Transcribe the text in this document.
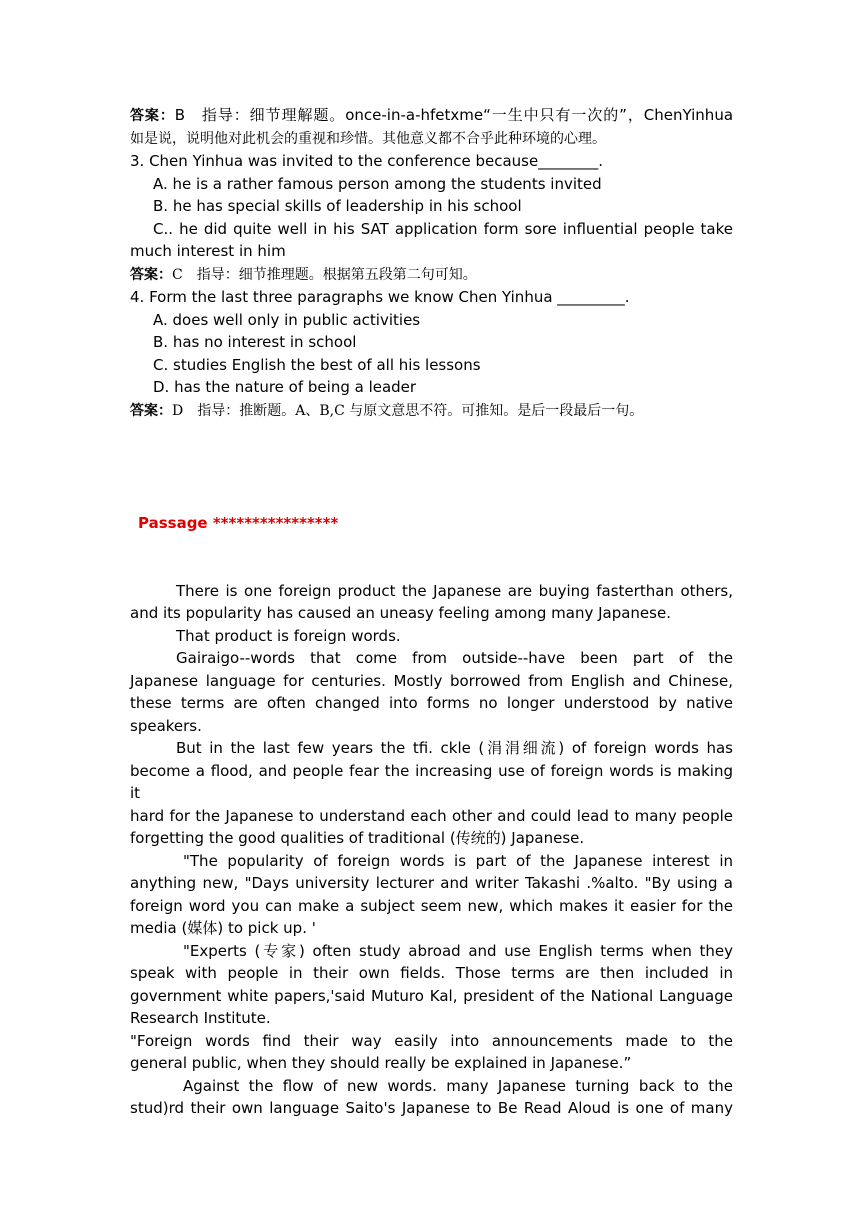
答案：B　指导：细节理解题。once-in-a-hfetxme“一生中只有一次的”，ChenYinhua
如是说，说明他对此机会的重视和珍惜。其他意义都不合乎此种环境的心理。
3. Chen Yinhua was invited to the conference because________.
A. he is a rather famous person among the students invited
B. he has special skills of leadership in his school
C.. he did quite well in his SAT application form sore influential people take
much interest in him
答案：C　指导：细节推理题。根据第五段第二句可知。
4. Form the last three paragraphs we know Chen Yinhua _________.
A. does well only in public activities
B. has no interest in school
C. studies English the best of all his lessons
D. has the nature of being a leader
答案：D　指导：推断题。A、B,C 与原文意思不符。可推知。是后一段最后一句。
Passage ****************
There is one foreign product the Japanese are buying fasterthan others,
and its popularity has caused an uneasy feeling among many Japanese.
That product is foreign words.
Gairaigo--words that come from outside--have been part of the
Japanese language for centuries. Mostly borrowed from English and Chinese,
these terms are often changed into forms no longer understood by native
speakers.
But in the last few years the tfi. ckle (涓涓细流) of foreign words has
become a flood, and people fear the increasing use of foreign words is making it
hard for the Japanese to understand each other and could lead to many people
forgetting the good qualities of traditional (传统的) Japanese.
"The popularity of foreign words is part of the Japanese interest in
anything new, "Days university lecturer and writer Takashi .%alto. "By using a
foreign word you can make a subject seem new, which makes it easier for the
media (媒体) to pick up. '
"Experts (专家) often study abroad and use English terms when they
speak with people in their own fields. Those terms are then included in
government white papers,'said Muturo Kal, president of the National Language
Research Institute.
"Foreign words find their way easily into announcements made to the
general public, when they should really be explained in Japanese.”
Against the flow of new words. many Japanese turning back to the
stud)rd their own language Saito's Japanese to Be Read Aloud is one of many
